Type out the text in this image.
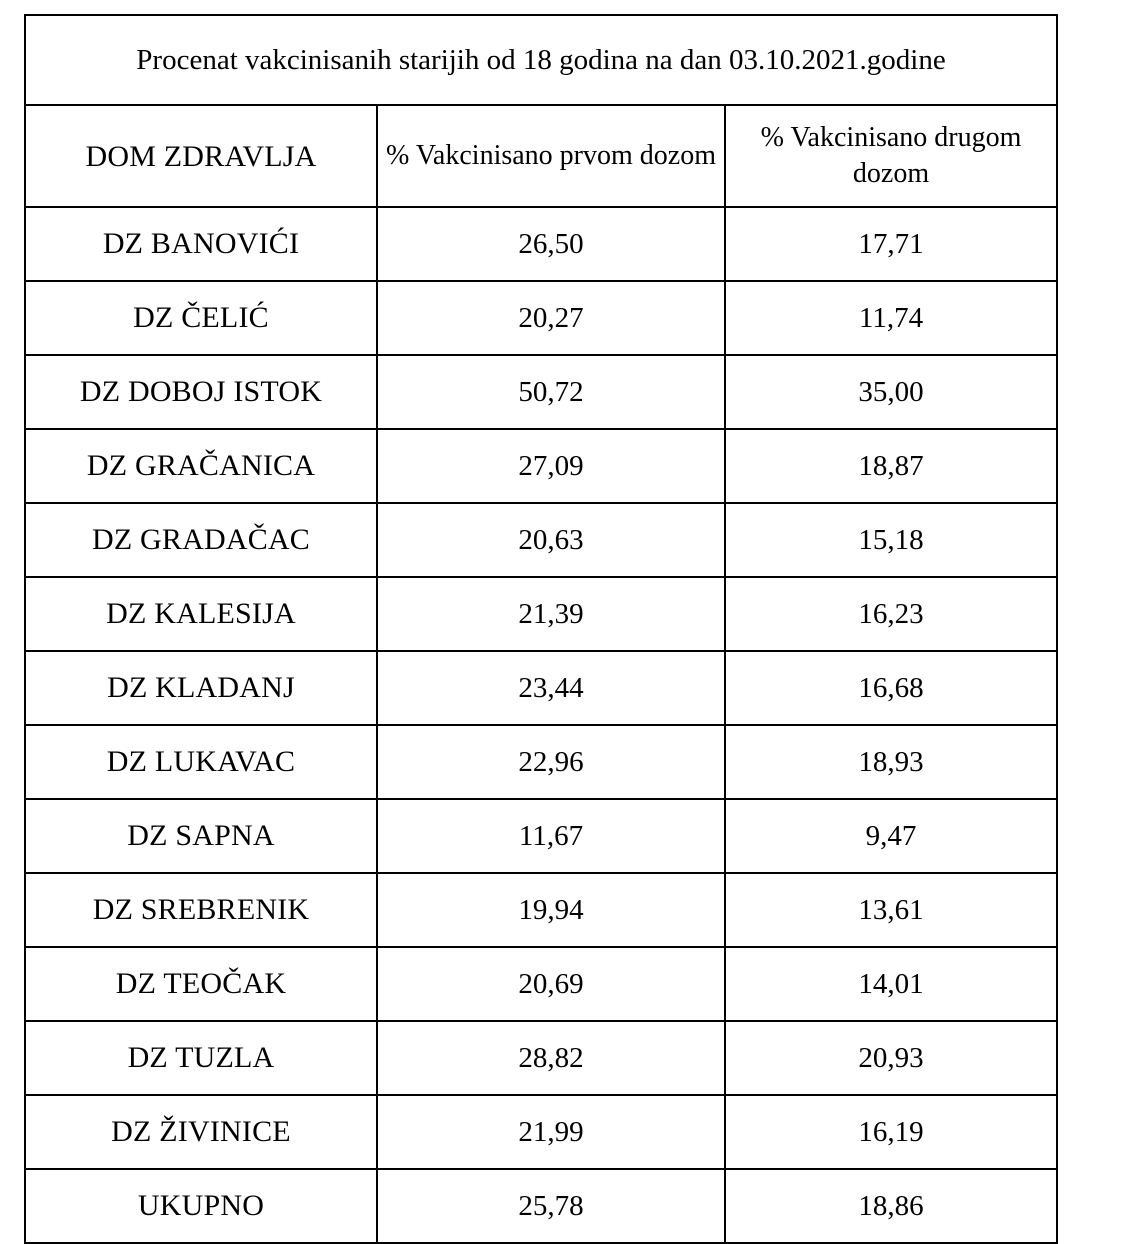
Procenat vakcinisanih starijih od 18 godina na dan 03.10.2021.godine		
DOM ZDRAVLJA	% Vakcinisano prvom dozom	% Vakcinisano drugom dozom
DZ BANOVIĆI	26,50	17,71
DZ ČELIĆ	20,27	11,74
DZ DOBOJ ISTOK	50,72	35,00
DZ GRAČANICA	27,09	18,87
DZ GRADAČAC	20,63	15,18
DZ KALESIJA	21,39	16,23
DZ KLADANJ	23,44	16,68
DZ LUKAVAC	22,96	18,93
DZ SAPNA	11,67	9,47
DZ SREBRENIK	19,94	13,61
DZ TEOČAK	20,69	14,01
DZ TUZLA	28,82	20,93
DZ ŽIVINICE	21,99	16,19
UKUPNO	25,78	18,86
